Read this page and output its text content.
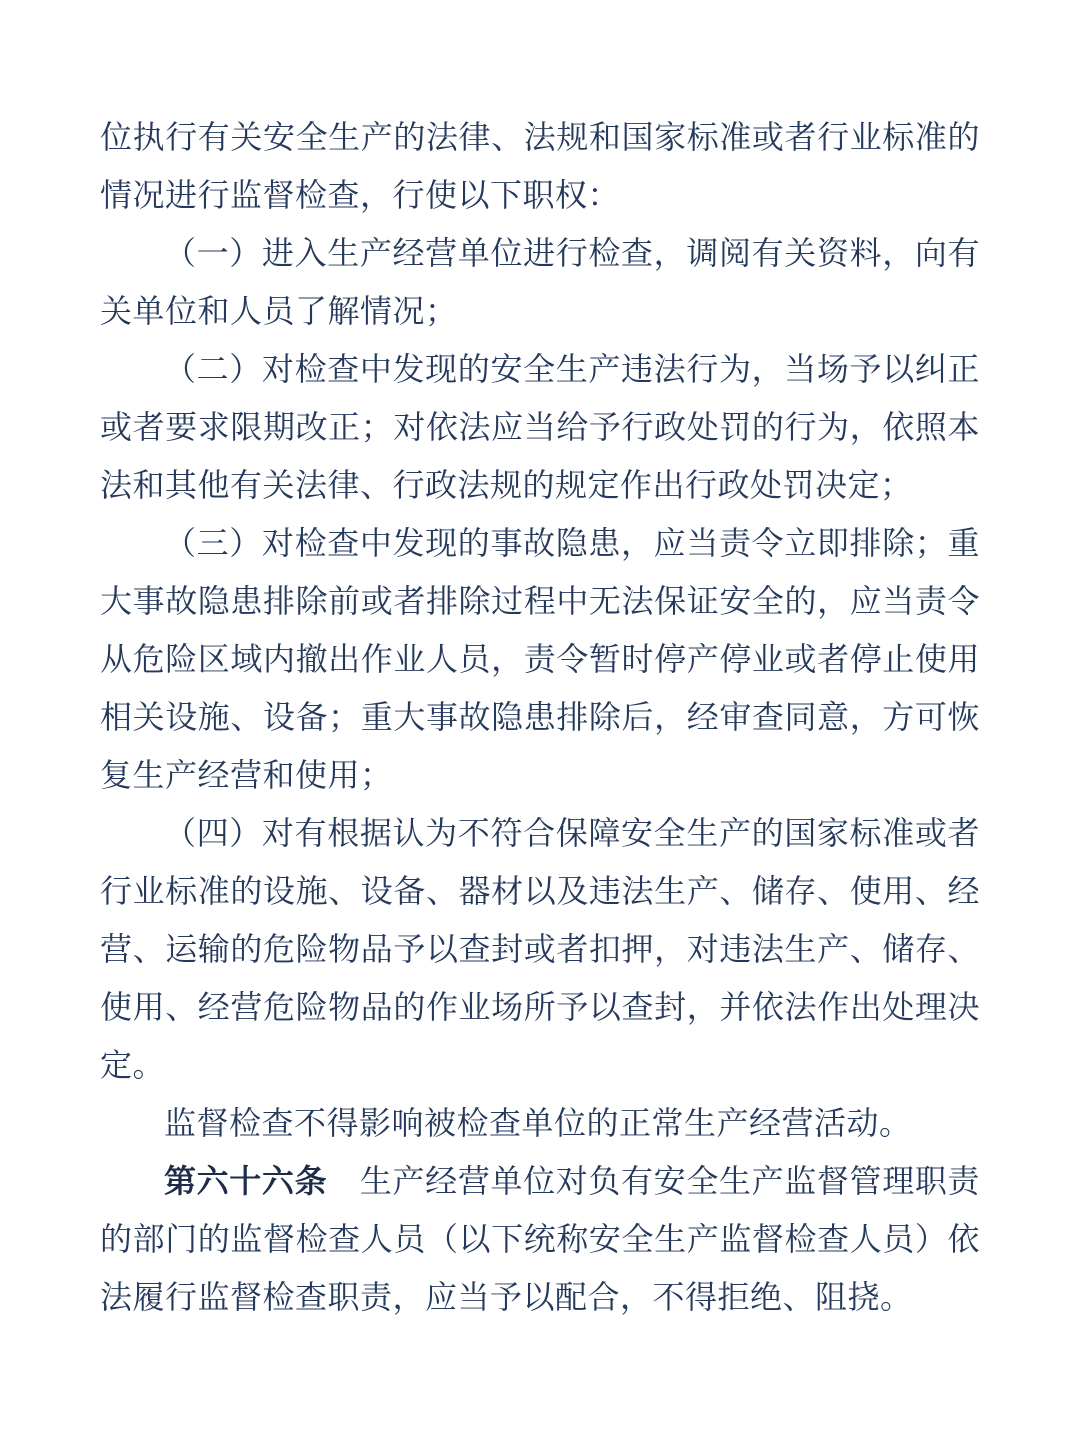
位执行有关安全生产的法律、法规和国家标准或者行业标准的情况进行监督检查，行使以下职权：

（一）进入生产经营单位进行检查，调阅有关资料，向有关单位和人员了解情况；

（二）对检查中发现的安全生产违法行为，当场予以纠正或者要求限期改正；对依法应当给予行政处罚的行为，依照本法和其他有关法律、行政法规的规定作出行政处罚决定；

（三）对检查中发现的事故隐患，应当责令立即排除；重大事故隐患排除前或者排除过程中无法保证安全的，应当责令从危险区域内撤出作业人员，责令暂时停产停业或者停止使用相关设施、设备；重大事故隐患排除后，经审查同意，方可恢复生产经营和使用；

（四）对有根据认为不符合保障安全生产的国家标准或者行业标准的设施、设备、器材以及违法生产、储存、使用、经营、运输的危险物品予以查封或者扣押，对违法生产、储存、使用、经营危险物品的作业场所予以查封，并依法作出处理决定。

监督检查不得影响被检查单位的正常生产经营活动。

第六十六条　生产经营单位对负有安全生产监督管理职责的部门的监督检查人员（以下统称安全生产监督检查人员）依法履行监督检查职责，应当予以配合，不得拒绝、阻挠。
